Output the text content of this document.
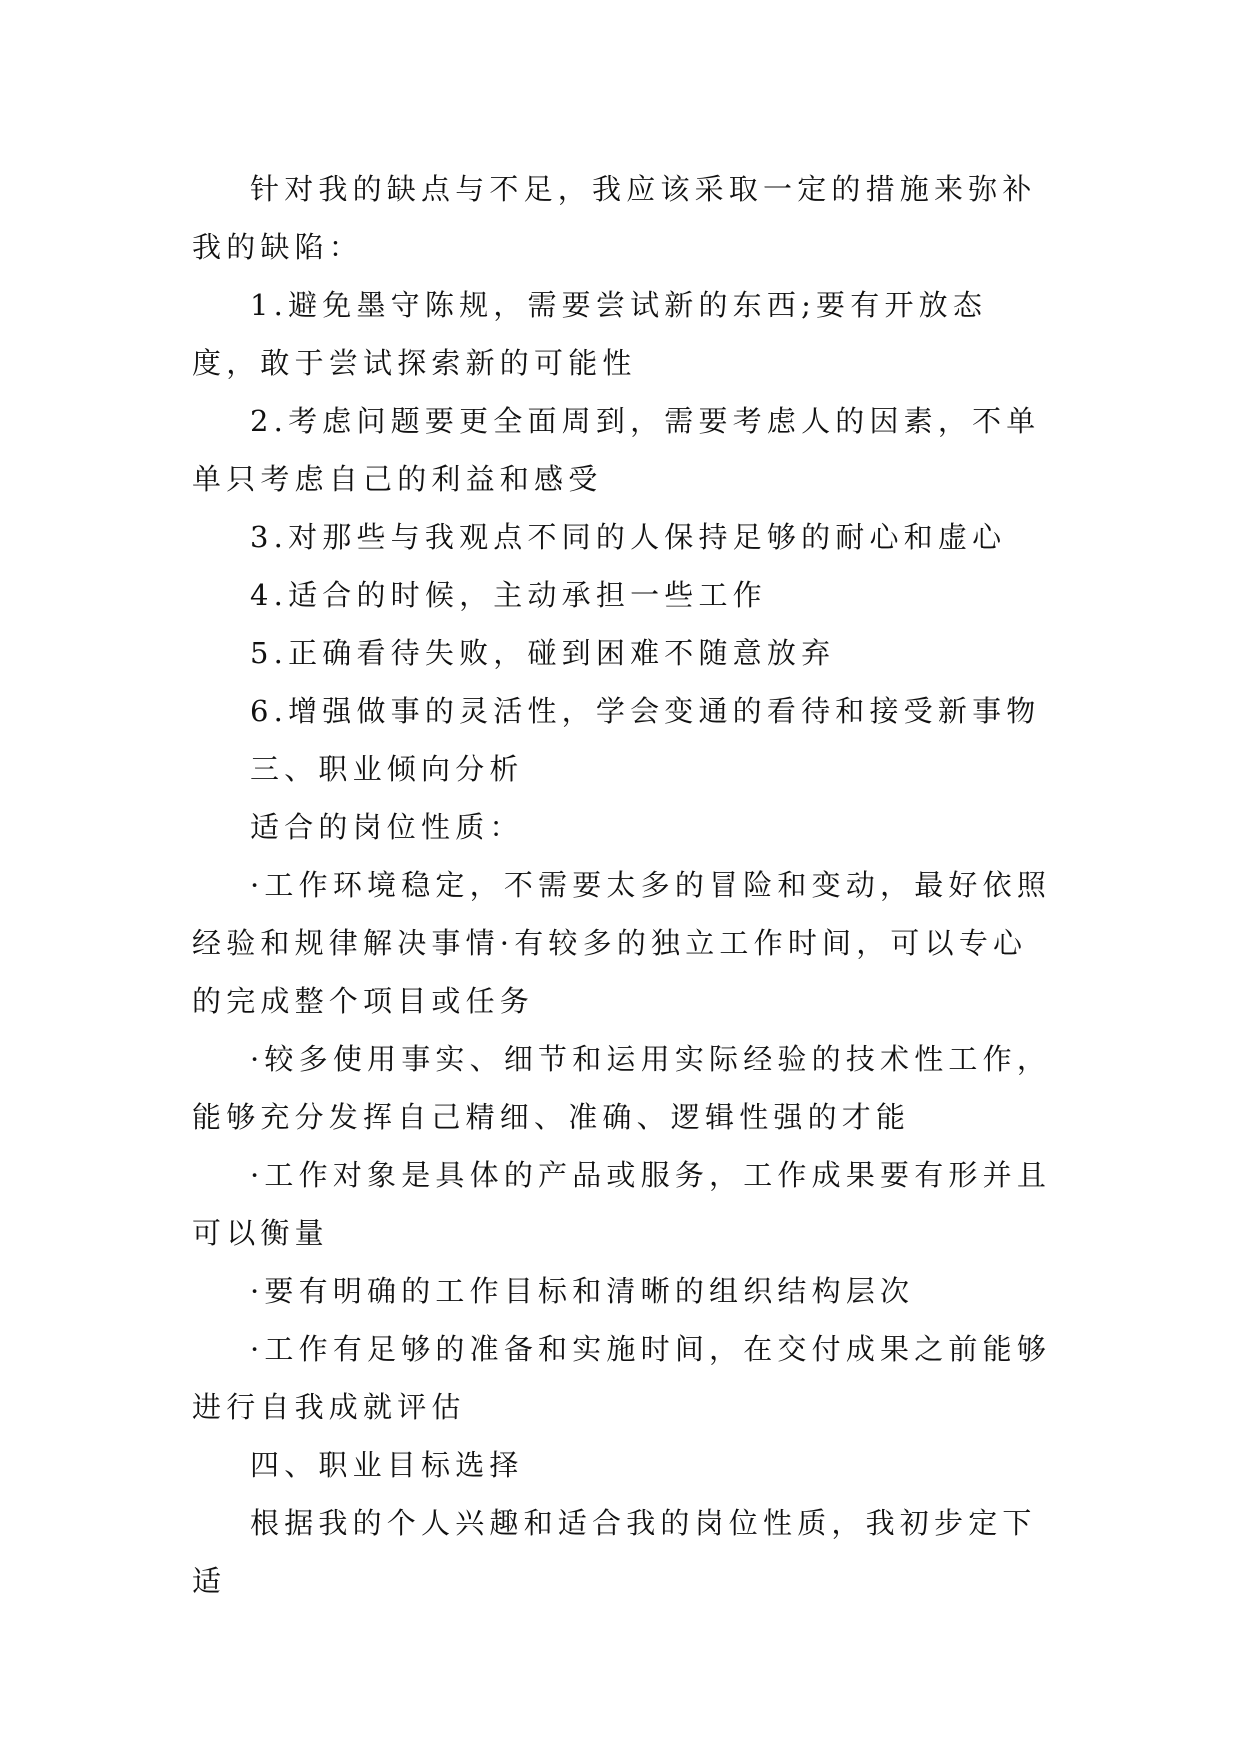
针对我的缺点与不足，我应该采取一定的措施来弥补我的缺陷：

1.避免墨守陈规，需要尝试新的东西;要有开放态度，敢于尝试探索新的可能性

2.考虑问题要更全面周到，需要考虑人的因素，不单单只考虑自己的利益和感受

3.对那些与我观点不同的人保持足够的耐心和虚心

4.适合的时候，主动承担一些工作

5.正确看待失败，碰到困难不随意放弃

6.增强做事的灵活性，学会变通的看待和接受新事物

三、职业倾向分析

适合的岗位性质：

·工作环境稳定，不需要太多的冒险和变动，最好依照经验和规律解决事情·有较多的独立工作时间，可以专心的完成整个项目或任务

·较多使用事实、细节和运用实际经验的技术性工作，能够充分发挥自己精细、准确、逻辑性强的才能

·工作对象是具体的产品或服务，工作成果要有形并且可以衡量

·要有明确的工作目标和清晰的组织结构层次

·工作有足够的准备和实施时间，在交付成果之前能够进行自我成就评估

四、职业目标选择

根据我的个人兴趣和适合我的岗位性质，我初步定下适
